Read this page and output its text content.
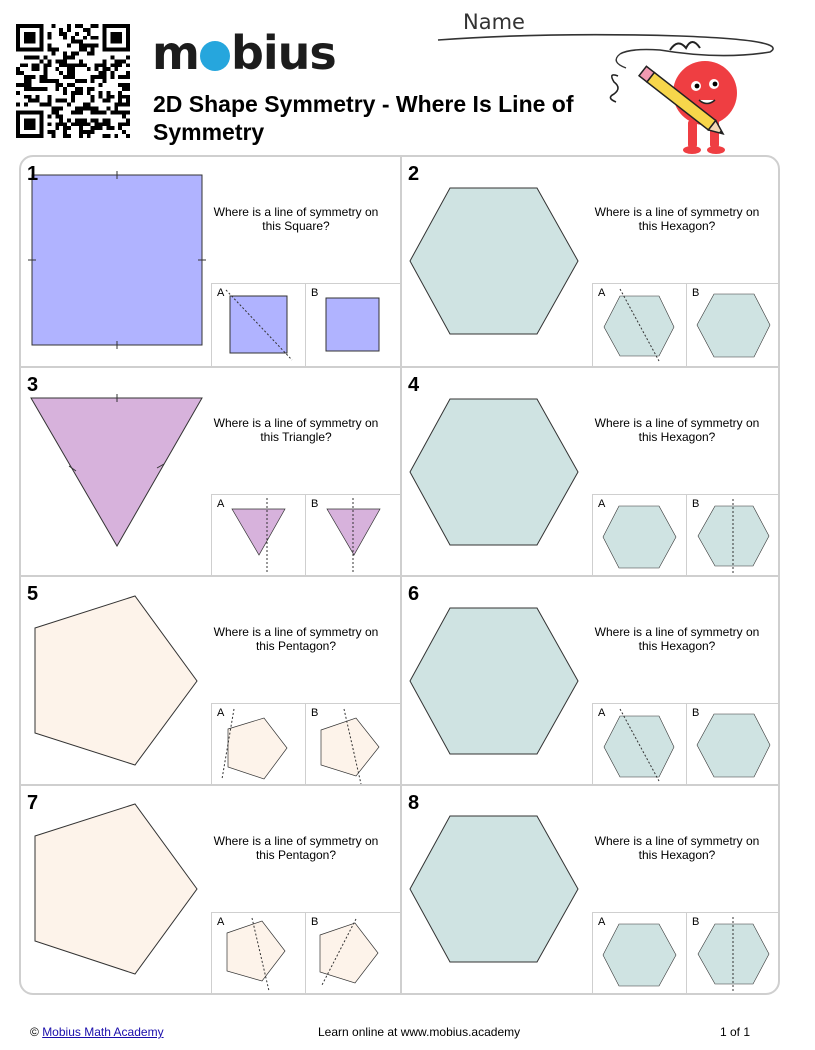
m bius
2D Shape Symmetry - Where Is Line of Symmetry
Name
1
Where is a line of symmetry on this Square?
A	B
2
Where is a line of symmetry on this Hexagon?
A	B
3
Where is a line of symmetry on this Triangle?
A	B
4
Where is a line of symmetry on this Hexagon?
A	B
5
Where is a line of symmetry on this Pentagon?
A	B
6
Where is a line of symmetry on this Hexagon?
A	B
7
Where is a line of symmetry on this Pentagon?
A	B
8
Where is a line of symmetry on this Hexagon?
A	B
© Mobius Math Academy	Learn online at www.mobius.academy	1 of 1
